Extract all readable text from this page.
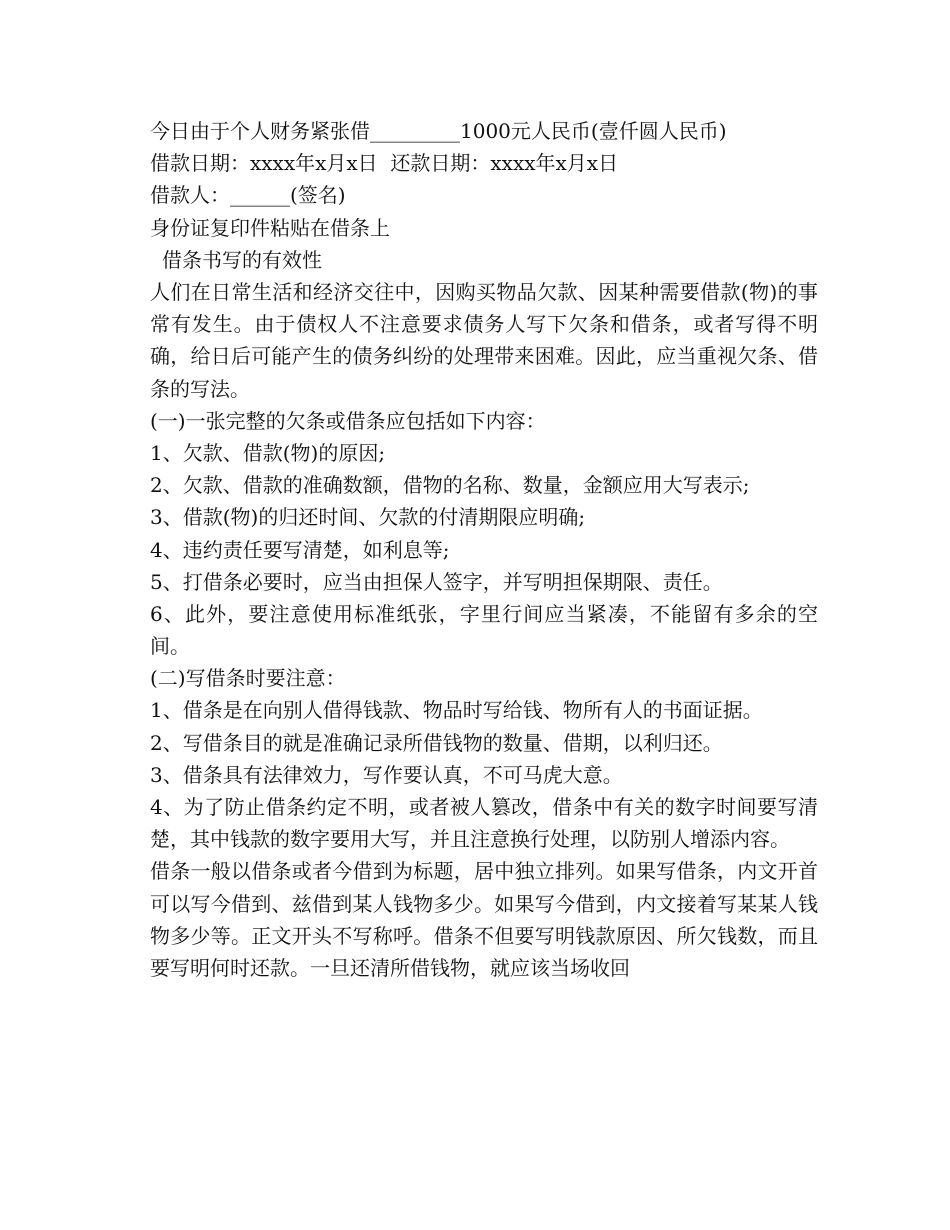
今日由于个人财务紧张借_________1000元人民币(壹仟圆人民币)
借款日期：xxxx年x月x日  还款日期：xxxx年x月x日
借款人：______(签名)
身份证复印件粘贴在借条上
借条书写的有效性
人们在日常生活和经济交往中，因购买物品欠款、因某种需要借款(物)的事常有发生。由于债权人不注意要求债务人写下欠条和借条，或者写得不明确，给日后可能产生的债务纠纷的处理带来困难。因此，应当重视欠条、借条的写法。
(一)一张完整的欠条或借条应包括如下内容：
1、欠款、借款(物)的原因;
2、欠款、借款的准确数额，借物的名称、数量，金额应用大写表示;
3、借款(物)的归还时间、欠款的付清期限应明确;
4、违约责任要写清楚，如利息等;
5、打借条必要时，应当由担保人签字，并写明担保期限、责任。
6、此外，要注意使用标准纸张，字里行间应当紧凑，不能留有多余的空间。
(二)写借条时要注意：
1、借条是在向别人借得钱款、物品时写给钱、物所有人的书面证据。
2、写借条目的就是准确记录所借钱物的数量、借期，以利归还。
3、借条具有法律效力，写作要认真，不可马虎大意。
4、为了防止借条约定不明，或者被人篡改，借条中有关的数字时间要写清楚，其中钱款的数字要用大写，并且注意换行处理，以防别人增添内容。
借条一般以借条或者今借到为标题，居中独立排列。如果写借条，内文开首可以写今借到、兹借到某人钱物多少。如果写今借到，内文接着写某某人钱物多少等。正文开头不写称呼。借条不但要写明钱款原因、所欠钱数，而且要写明何时还款。一旦还清所借钱物，就应该当场收回
